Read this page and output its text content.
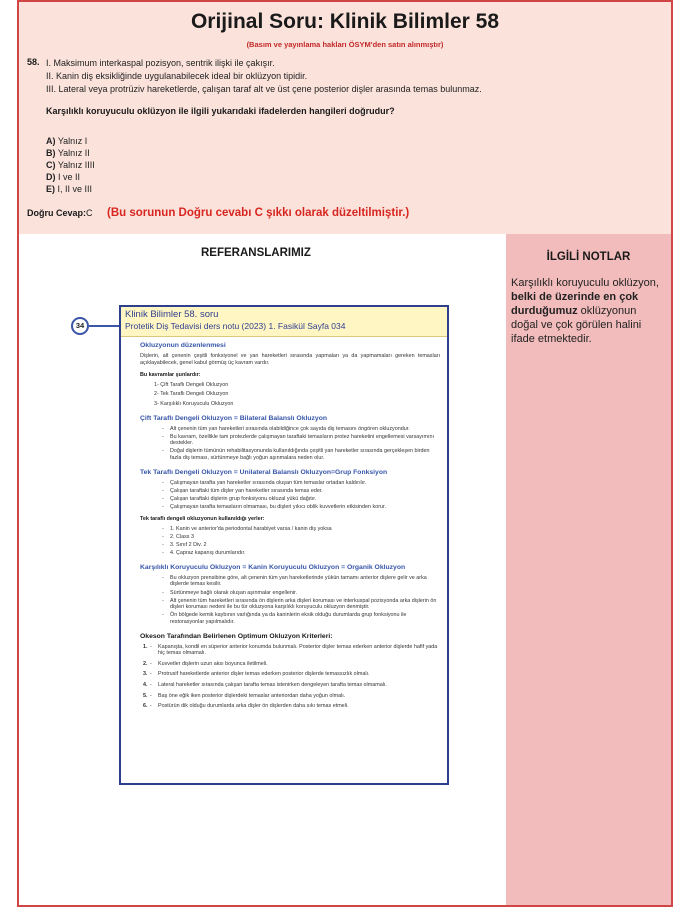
Orijinal Soru: Klinik Bilimler 58
(Basım ve yayınlama hakları ÖSYM'den satın alınmıştır)
58. I. Maksimum interkaspal pozisyon, sentrik ilişki ile çakışır.
II. Kanin diş eksikliğinde uygulanabilecek ideal bir oklüzyon tipidir.
III. Lateral veya protrüziv hareketlerde, çalışan taraf alt ve üst çene posterior dişler arasında temas bulunmaz.
Karşılıklı koruyuculu oklüzyon ile ilgili yukarıdaki ifadelerden hangileri doğrudur?
A) Yalnız I
B) Yalnız II
C) Yalnız IIII
D) I ve II
E) I, II ve III
Doğru Cevap:C (Bu sorunun Doğru cevabı C şıkkı olarak düzeltilmiştir.)
REFERANSLARIMIZ
34
Klinik Bilimler 58. soru
Protetik Diş Tedavisi ders notu (2023) 1. Fasikül Sayfa 034
Okluzyonun düzenlenmesi

Dişlerin, alt çenenin çeşitli fonksiyonel ve yan hareketleri sırasında yapmaları ya da yapmamaları gereken temasları açıklayabilecek, genel kabul görmüş üç kavram vardır.

Bu kavramlar şunlardır:
1- Çift Taraflı Dengeli Okluzyon
2- Tek Taraflı Dengeli Okluzyon
3- Karşılıklı Koruyuculu Okluzyon
Çift Taraflı Dengeli Okluzyon = Bilateral Balanslı Okluzyon
- Alt çenenin tüm yan hareketleri sırasında olabildiğince çok sayıda diş temasını öngören okluzyondur.
- Bu kavram, özellikle tam protezlerde çalışmayan taraftaki temasların protez hareketini engellemesi varsayımını destekler.
- Doğal dişlerin tümünün rehabilitasyonunda kullanıldığında çeşitli yan hareketler sırasında gerçekleşen birden fazla diş teması, sürtünmeye bağlı yoğun aşınmalara neden olur.
Tek Taraflı Dengeli Okluzyon = Unilateral Balanslı Okluzyon=Grup Fonksiyon
- Çalışmayan tarafta yan hareketler sırasında oluşan tüm temaslar ortadan kaldırılır.
- Çalışan taraftaki tüm dişler yan hareketler sırasında temas eder.
- Çalışan taraftaki dişlerin grup fonksiyonu okluzal yükü dağıtır.
- Çalışmayan tarafta temasların olmaması, bu dişleri yıkıcı oblik kuvvetlerin etkisinden korur.
Tek taraflı dengeli okluzyonun kullanıldığı yerler:
- 1. Kanin ve anterior'da periodontal harabiyet varsa / kanin diş yoksa
- 2. Class 3
- 3. Sınıf 2 Div. 2
- 4. Çapraz kapanış durumlarıdır.
Karşılıklı Koruyuculu Okluzyon = Kanin Koruyuculu Okluzyon = Organik Okluzyon
- Bu okluzyon prensibine göre, alt çenenin tüm yan hareketlerinde yükün tamamı anterior dişlere gelir ve arka dişlerde temas kesilir.
- Sürtünmeye bağlı olarak oluşan aşınmalar engellenir.
- Alt çenenin tüm hareketleri sırasında ön dişlerin arka dişleri koruması ve interkuspal pozisyonda arka dişlerin ön dişleri koruması nedeni ile bu tür okluzyona karşılıklı koruyuculu okluzyon denmiştir.
- Ön bölgede kemik kaybının varlığında ya da kaninlerin eksik olduğu durumlarda grup fonksiyonu ile restorasyonlar yapılmalıdır.
Okeson Tarafından Belirlenen Optimum Okluzyon Kriterleri:
- 1. Kapanışta, kondil en süperior anterior konumda bulunmalı. Posterior dişler temas ederken anterior dişlerde hafif yada hiç temas olmamalı.
- 2. Kuvvetler dişlerin uzun aksı boyunca iletilmeli.
- 3. Protrusif hareketlerde anterior dişler temas ederken posterior dişlerde temassızlık olmalı.
- 4. Lateral hareketler sırasında çalışan tarafta temas istenirken dengeleyen tarafta temas olmamalı.
- 5. Baş öne eğik iken posterior dişlerdeki temaslar anteriordan daha yoğun olmalı.
- 6. Postürün dik olduğu durumlarda arka dişler ön dişlerden daha sıkı temas etmeli.
İLGİLİ NOTLAR
Karşılıklı koruyuculu oklüzyon, belki de üzerinde en çok durduğumuz oklüzyonun doğal ve çok görülen halini ifade etmektedir.
